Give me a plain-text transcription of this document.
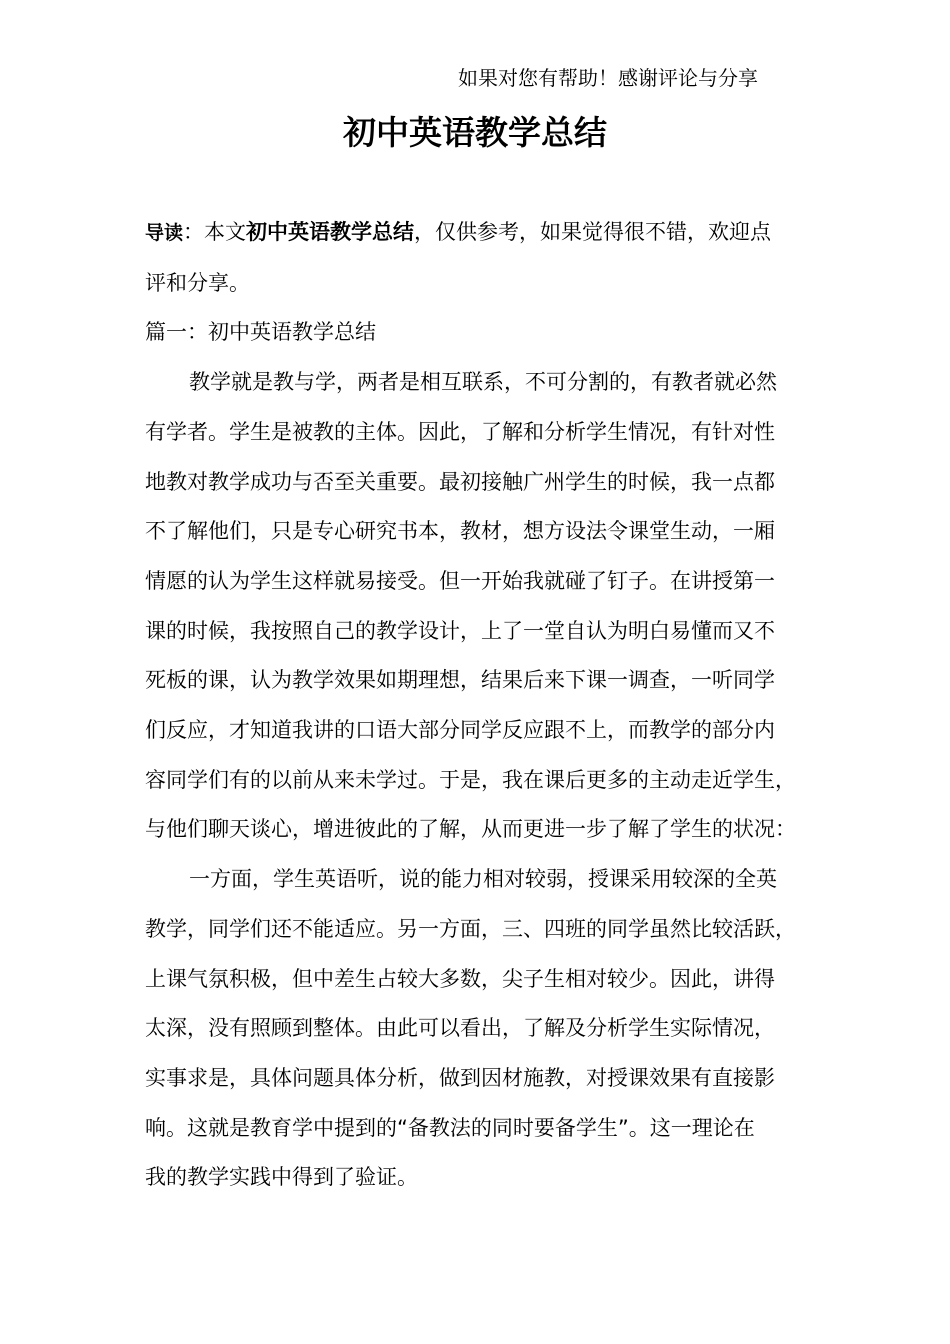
如果对您有帮助！感谢评论与分享
初中英语教学总结

导读：本文初中英语教学总结，仅供参考，如果觉得很不错，欢迎点
评和分享。

篇一：初中英语教学总结

教学就是教与学，两者是相互联系，不可分割的，有教者就必然
有学者。学生是被教的主体。因此，了解和分析学生情况，有针对性
地教对教学成功与否至关重要。最初接触广州学生的时候，我一点都
不了解他们，只是专心研究书本，教材，想方设法令课堂生动，一厢
情愿的认为学生这样就易接受。但一开始我就碰了钉子。在讲授第一
课的时候，我按照自己的教学设计，上了一堂自认为明白易懂而又不
死板的课，认为教学效果如期理想，结果后来下课一调查，一听同学
们反应，才知道我讲的口语大部分同学反应跟不上，而教学的部分内
容同学们有的以前从来未学过。于是，我在课后更多的主动走近学生，
与他们聊天谈心，增进彼此的了解，从而更进一步了解了学生的状况：

一方面，学生英语听，说的能力相对较弱，授课采用较深的全英
教学，同学们还不能适应。另一方面，三、四班的同学虽然比较活跃，
上课气氛积极，但中差生占较大多数，尖子生相对较少。因此，讲得
太深，没有照顾到整体。由此可以看出，了解及分析学生实际情况，
实事求是，具体问题具体分析，做到因材施教，对授课效果有直接影
响。这就是教育学中提到的“备教法的同时要备学生”。这一理论在
我的教学实践中得到了验证。
